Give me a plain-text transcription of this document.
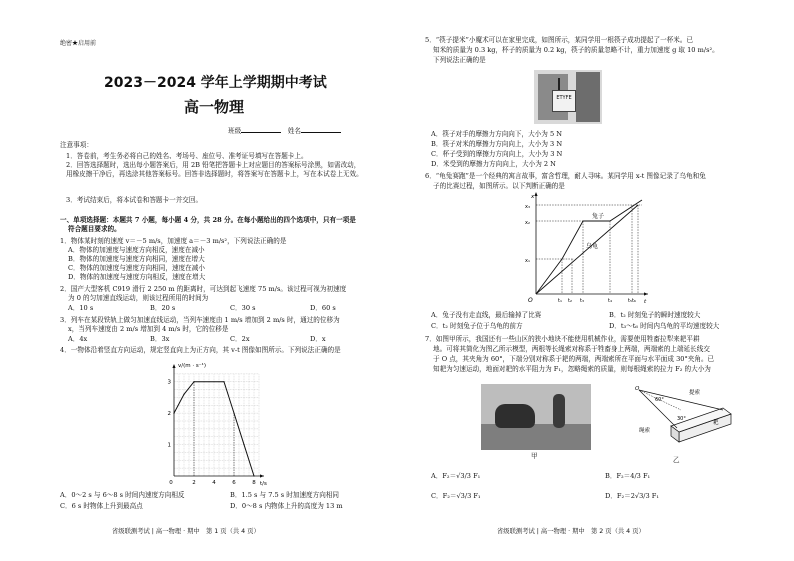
绝密★启用前
2023－2024 学年上学期期中考试
高一物理
班级　	姓名
注意事项：
1．答卷前，考生务必将自己的姓名、考场号、座位号、准考证号填写在答题卡上。
2．回答选择题时，选出每小题答案后，用 2B 铅笔把答题卡上对应题目的答案标号涂黑，如需改动，用橡皮擦干净后，再选涂其他答案标号。回答非选择题时，将答案写在答题卡上，写在本试卷上无效。
3．考试结束后，将本试卷和答题卡一并交回。
一、单项选择题：本题共 7 小题，每小题 4 分，共 28 分。在每小题给出的四个选项中，只有一项是
符合题目要求的。
1．物体某时刻的速度 v＝－5 m/s，加速度 a＝－3 m/s²，下列说法正确的是
A．物体的加速度与速度方向相反，速度在减小
B．物体的加速度与速度方向相同，速度在增大
C．物体的加速度与速度方向相同，速度在减小
D．物体的加速度与速度方向相反，速度在增大
2．国产大型客机 C919 滑行 2 250 m 的距离时，可达到起飞速度 75 m/s。该过程可视为初速度
为 0 的匀加速直线运动，则该过程所用的时间为
A．10 s	B．20 s	C．30 s	D．60 s
3．列车在某段铁轨上做匀加速直线运动，当列车速度由 1 m/s 增加到 2 m/s 时，通过的位移为
x，当列车速度由 2 m/s 增加到 4 m/s 时，它的位移是
A．4x	B．3x	C．2x	D．x
4．一物体沿着竖直方向运动，规定竖直向上为正方向，其 v-t 图像如图所示。下列说法正确的是
v/(m · s⁻¹)
t/s
0	2	4	6	8
1
2
3
A．0～2 s 与 6～8 s 时间内速度方向相反	B．1.5 s 与 7.5 s 时加速度方向相同
C．6 s 时物体上升到最高点	D．0～8 s 内物体上升的高度为 13 m
省级联测考试 | 高一物理 · 期中　第 1 页（共 4 页）
5．“筷子提米”小魔术可以在家里完成，如图所示，某同学用一根筷子成功提起了一杯米。已
知米的质量为 0.3 kg，杯子的质量为 0.2 kg，筷子的质量忽略不计，重力加速度 g 取 10 m/s²。
下列说法正确的是
ETYFE
A．筷子对手的摩擦力方向向下，大小为 5 N
B．筷子对米的摩擦力方向向上，大小为 3 N
C．杯子受到的摩擦力方向向上，大小为 3 N
D．米受到的摩擦力方向向上，大小为 2 N
6．“龟兔赛跑”是一个经典的寓言故事，富含哲理，耐人寻味。某同学用 x-t 图像记录了乌龟和兔
子的比赛过程，如图所示。以下判断正确的是
x
t
O
x₃
x₂
x₁
t₁ t₂ t₃	t₄	t₅t₆
兔子
乌龟
A．兔子没有走直线，最后输掉了比赛	B．t₂ 时刻兔子的瞬时速度较大
C．t₂ 时刻兔子位于乌龟的前方	D．t₃～t₆ 时间内乌龟的平均速度较大
7．如图甲所示，我国还有一些山区的狭小地块不能使用机械作业，需要使用牲畜拉犁来耙平耕
地。可将其简化为图乙所示模型，两根等长绳索对称系于牲畜身上两端，两端索的上端延长线交
于 O 点，其夹角为 60°，下端分别对称系于耙的两端，两端索所在平面与水平面成 30°夹角。已
知耙为匀速运动，地面对耙的水平阻力为 F₁，忽略绳索的质量，则每根绳索的拉力 F₂ 的大小为
甲
O
60°
30°
提索
绳索
耙
乙
A．F₂＝√3/3 F₁	B．F₂＝4/3 F₁
C．F₂＝√3/3 F₁	D．F₂＝2√3/3 F₁
省级联测考试 | 高一物理 · 期中　第 2 页（共 4 页）
